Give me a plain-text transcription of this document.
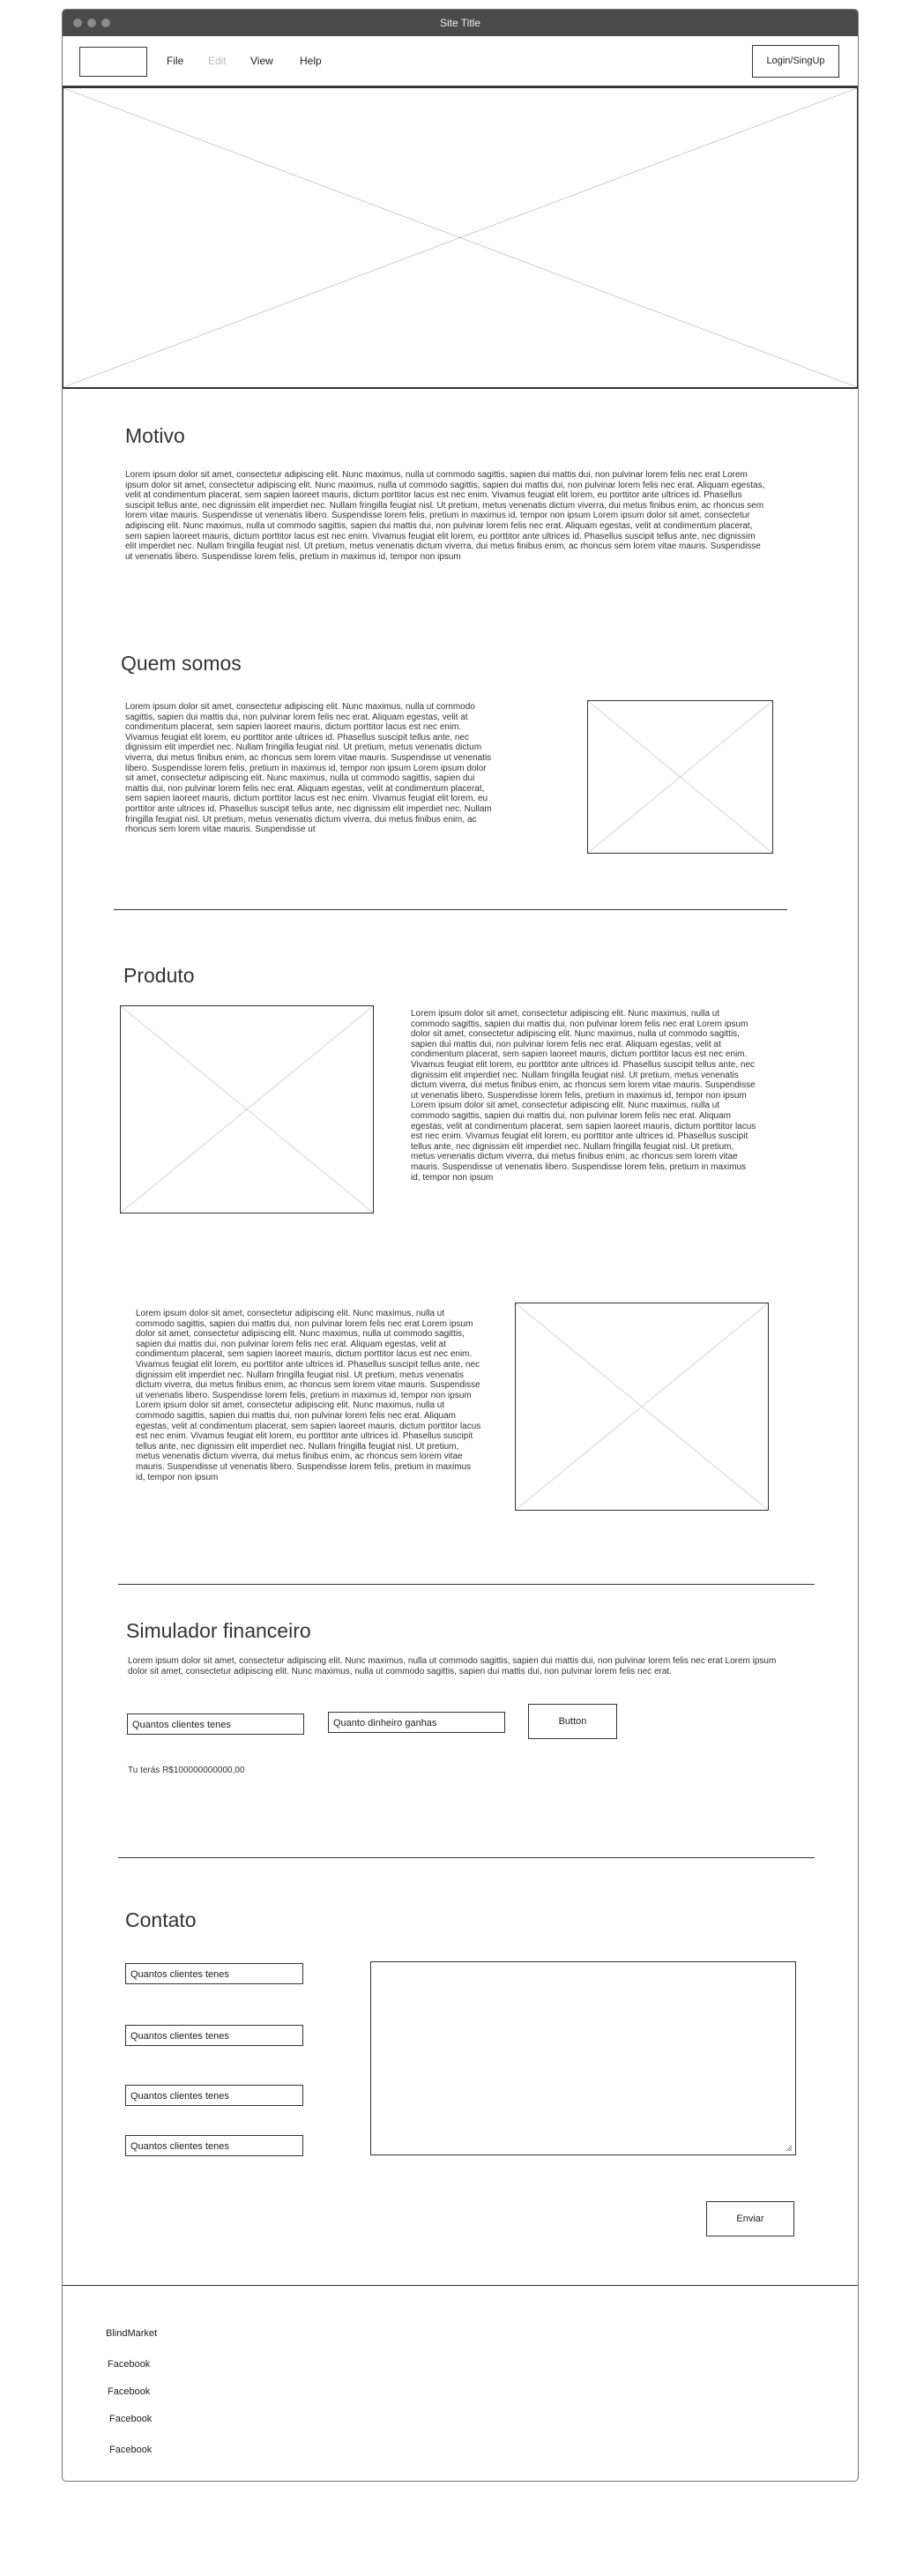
Site Title
File Edit View	Help	Login/SingUp
Motivo
Lorem ipsum dolor sit amet, consectetur adipiscing elit. Nunc maximus, nulla ut commodo sagittis, sapien dui mattis dui, non pulvinar lorem felis nec erat Lorem ipsum dolor sit amet, consectetur adipiscing elit. Nunc maximus, nulla ut commodo sagittis, sapien dui mattis dui, non pulvinar lorem felis nec erat. Aliquam egestas, velit at condimentum placerat, sem sapien laoreet mauris, dictum porttitor lacus est nec enim. Vivamus feugiat elit lorem, eu porttitor ante ultrices id. Phasellus suscipit tellus ante, nec dignissim elit imperdiet nec. Nullam fringilla feugiat nisl. Ut pretium, metus venenatis dictum viverra, dui metus finibus enim, ac rhoncus sem lorem vitae mauris. Suspendisse ut venenatis libero. Suspendisse lorem felis, pretium in maximus id, tempor non ipsum Lorem ipsum dolor sit amet, consectetur adipiscing elit. Nunc maximus, nulla ut commodo sagittis, sapien dui mattis dui, non pulvinar lorem felis nec erat. Aliquam egestas, velit at condimentum placerat, sem sapien laoreet mauris, dictum porttitor lacus est nec enim. Vivamus feugiat elit lorem, eu porttitor ante ultrices id. Phasellus suscipit tellus ante, nec dignissim elit imperdiet nec. Nullam fringilla feugiat nisl. Ut pretium, metus venenatis dictum viverra, dui metus finibus enim, ac rhoncus sem lorem vitae mauris. Suspendisse ut venenatis libero. Suspendisse lorem felis, pretium in maximus id, tempor non ipsum
Quem somos
Lorem ipsum dolor sit amet, consectetur adipiscing elit. Nunc maximus, nulla ut commodo sagittis, sapien dui mattis dui, non pulvinar lorem felis nec erat. Aliquam egestas, velit at condimentum placerat, sem sapien laoreet mauris, dictum porttitor lacus est nec enim. Vivamus feugiat elit lorem, eu porttitor ante ultrices id. Phasellus suscipit tellus ante, nec dignissim elit imperdiet nec. Nullam fringilla feugiat nisl. Ut pretium, metus venenatis dictum viverra, dui metus finibus enim, ac rhoncus sem lorem vitae mauris. Suspendisse ut venenatis libero. Suspendisse lorem felis, pretium in maximus id, tempor non ipsum Lorem ipsum dolor sit amet, consectetur adipiscing elit. Nunc maximus, nulla ut commodo sagittis, sapien dui mattis dui, non pulvinar lorem felis nec erat. Aliquam egestas, velit at condimentum placerat, sem sapien laoreet mauris, dictum porttitor lacus est nec enim. Vivamus feugiat elit lorem, eu porttitor ante ultrices id. Phasellus suscipit tellus ante, nec dignissim elit imperdiet nec. Nullam fringilla feugiat nisl. Ut pretium, metus venenatis dictum viverra, dui metus finibus enim, ac rhoncus sem lorem vitae mauris. Suspendisse ut
Produto
Lorem ipsum dolor sit amet, consectetur adipiscing elit. Nunc maximus, nulla ut commodo sagittis, sapien dui mattis dui, non pulvinar lorem felis nec erat Lorem ipsum dolor sit amet, consectetur adipiscing elit. Nunc maximus, nulla ut commodo sagittis, sapien dui mattis dui, non pulvinar lorem felis nec erat. Aliquam egestas, velit at condimentum placerat, sem sapien laoreet mauris, dictum porttitor lacus est nec enim. Vivamus feugiat elit lorem, eu porttitor ante ultrices id. Phasellus suscipit tellus ante, nec dignissim elit imperdiet nec. Nullam fringilla feugiat nisl. Ut pretium, metus venenatis dictum viverra, dui metus finibus enim, ac rhoncus sem lorem vitae mauris. Suspendisse ut venenatis libero. Suspendisse lorem felis, pretium in maximus id, tempor non ipsum Lorem ipsum dolor sit amet, consectetur adipiscing elit. Nunc maximus, nulla ut commodo sagittis, sapien dui mattis dui, non pulvinar lorem felis nec erat. Aliquam egestas, velit at condimentum placerat, sem sapien laoreet mauris, dictum porttitor lacus est nec enim. Vivamus feugiat elit lorem, eu porttitor ante ultrices id. Phasellus suscipit tellus ante, nec dignissim elit imperdiet nec. Nullam fringilla feugiat nisl. Ut pretium, metus venenatis dictum viverra, dui metus finibus enim, ac rhoncus sem lorem vitae mauris. Suspendisse ut venenatis libero. Suspendisse lorem felis, pretium in maximus id, tempor non ipsum
Lorem ipsum dolor sit amet, consectetur adipiscing elit. Nunc maximus, nulla ut commodo sagittis, sapien dui mattis dui, non pulvinar lorem felis nec erat Lorem ipsum dolor sit amet, consectetur adipiscing elit. Nunc maximus, nulla ut commodo sagittis, sapien dui mattis dui, non pulvinar lorem felis nec erat. Aliquam egestas, velit at condimentum placerat, sem sapien laoreet mauris, dictum porttitor lacus est nec enim. Vivamus feugiat elit lorem, eu porttitor ante ultrices id. Phasellus suscipit tellus ante, nec dignissim elit imperdiet nec. Nullam fringilla feugiat nisl. Ut pretium, metus venenatis dictum viverra, dui metus finibus enim, ac rhoncus sem lorem vitae mauris. Suspendisse ut venenatis libero. Suspendisse lorem felis, pretium in maximus id, tempor non ipsum Lorem ipsum dolor sit amet, consectetur adipiscing elit. Nunc maximus, nulla ut commodo sagittis, sapien dui mattis dui, non pulvinar lorem felis nec erat. Aliquam egestas, velit at condimentum placerat, sem sapien laoreet mauris, dictum porttitor lacus est nec enim. Vivamus feugiat elit lorem, eu porttitor ante ultrices id. Phasellus suscipit tellus ante, nec dignissim elit imperdiet nec. Nullam fringilla feugiat nisl. Ut pretium, metus venenatis dictum viverra, dui metus finibus enim, ac rhoncus sem lorem vitae mauris. Suspendisse ut venenatis libero. Suspendisse lorem felis, pretium in maximus id, tempor non ipsum
Simulador financeiro
Lorem ipsum dolor sit amet, consectetur adipiscing elit. Nunc maximus, nulla ut commodo sagittis, sapien dui mattis dui, non pulvinar lorem felis nec erat Lorem ipsum dolor sit amet, consectetur adipiscing elit. Nunc maximus, nulla ut commodo sagittis, sapien dui mattis dui, non pulvinar lorem felis nec erat.
Quantos clientes tenes	Quanto dinheiro ganhas	Button
Tu terás R$100000000000,00
Contato
Quantos clientes tenes
Quantos clientes tenes
Quantos clientes tenes
Quantos clientes tenes
Enviar
BlindMarket
Facebook
Facebook
Facebook
Facebook
